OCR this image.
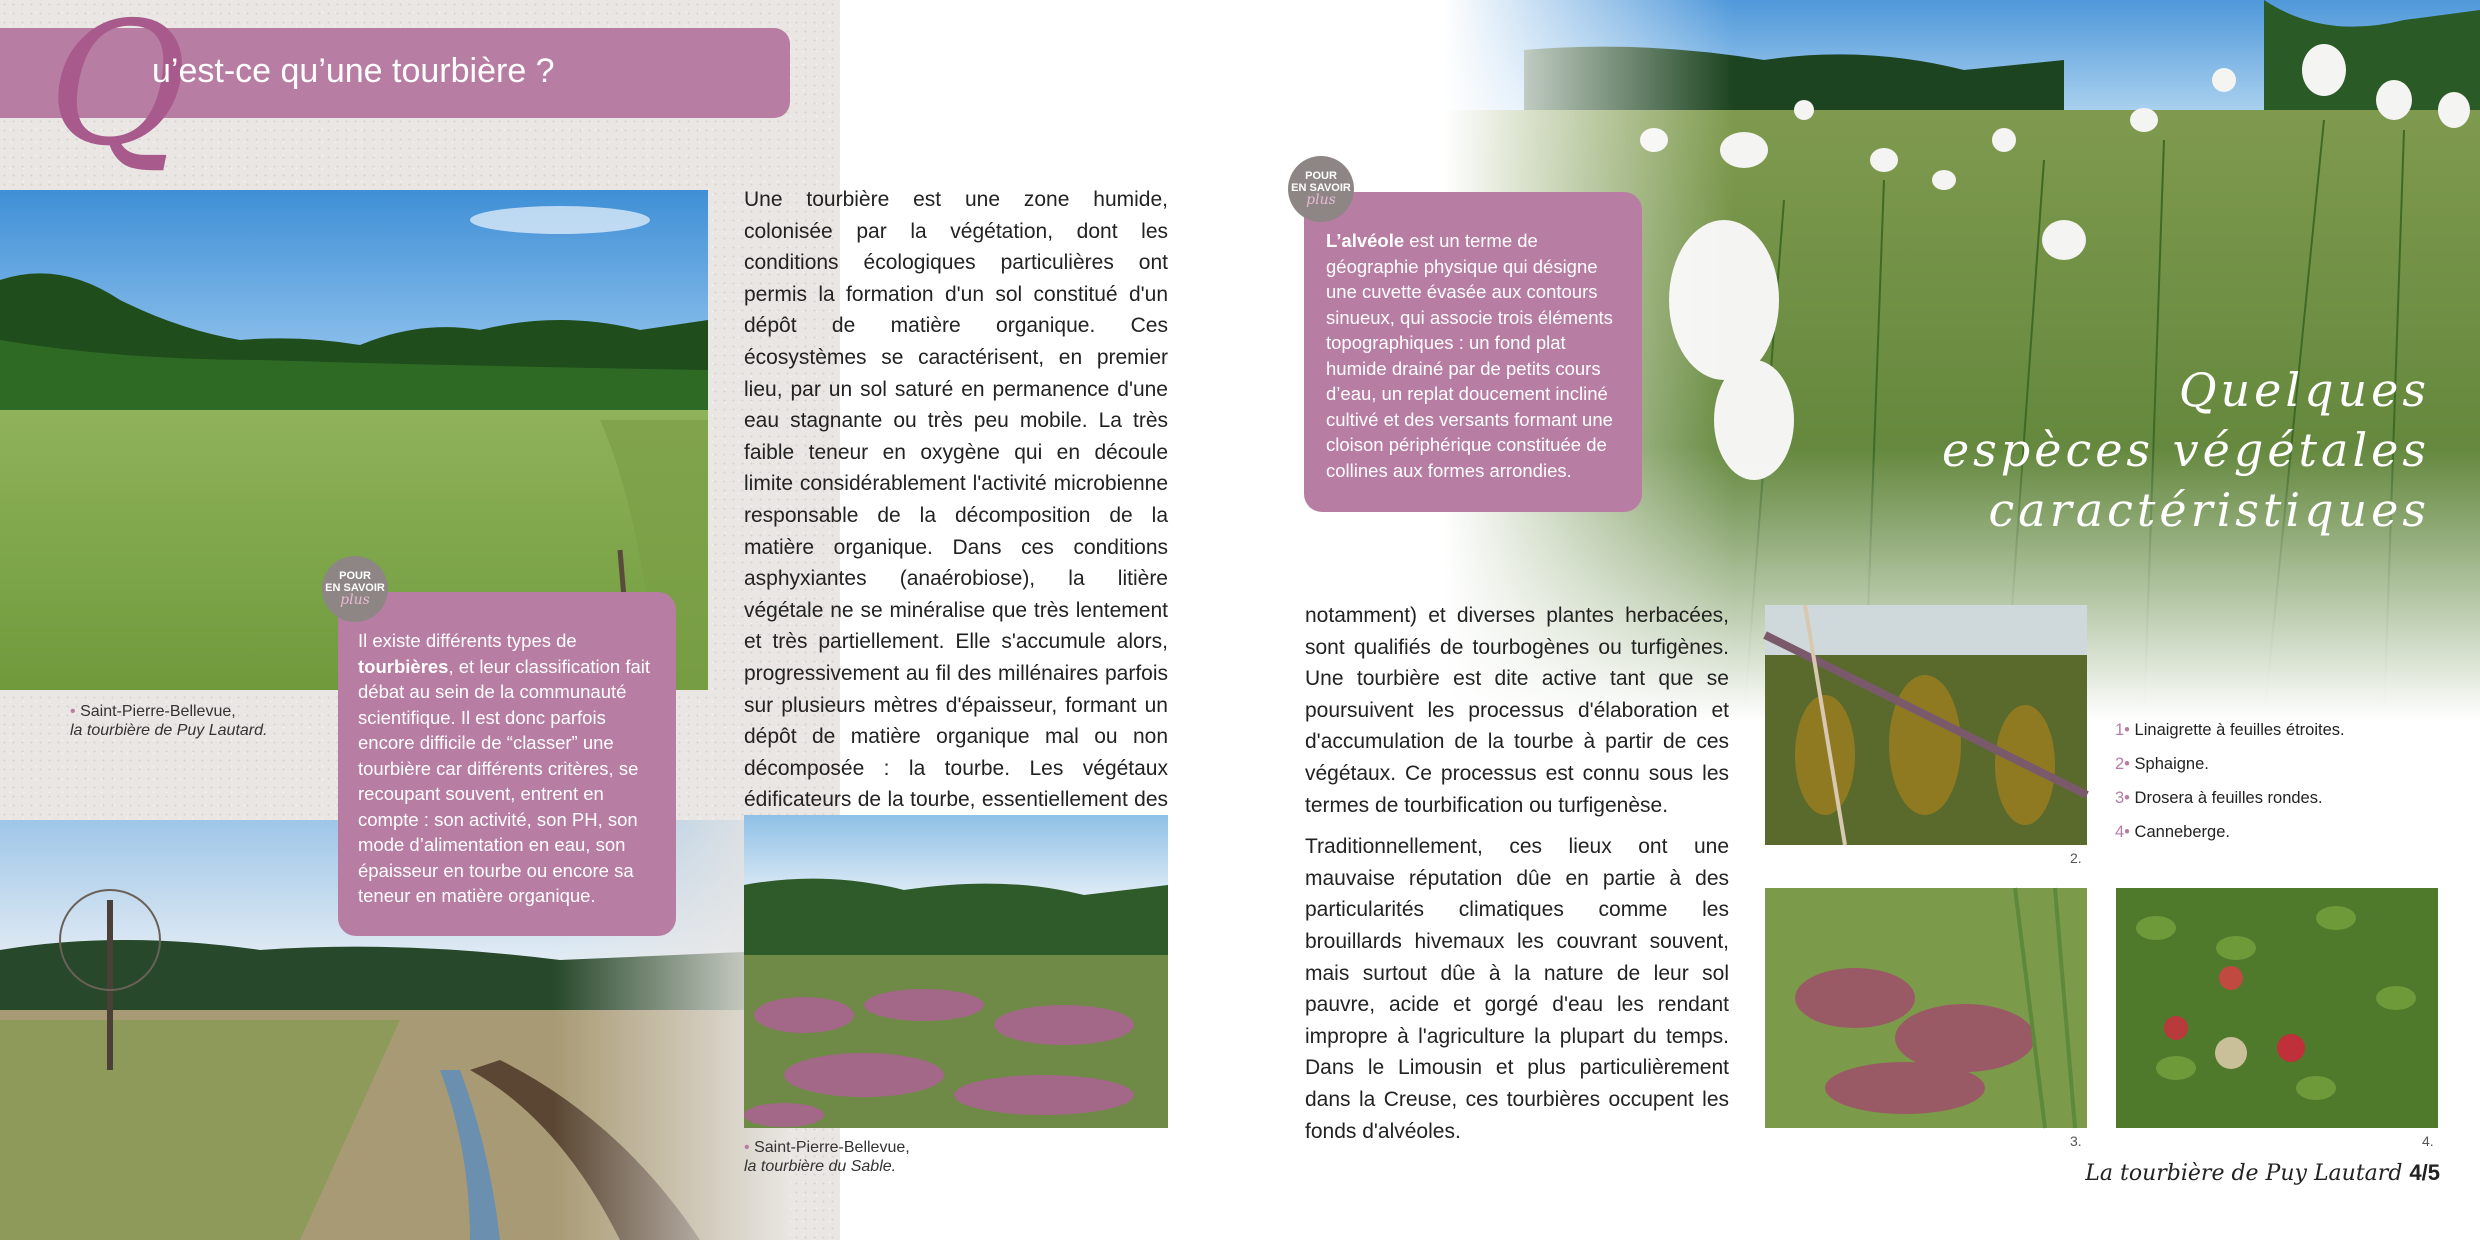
Q
u’est-ce qu’une tourbière ?
Il existe différents types de tourbières, et leur classification fait débat au sein de la communauté scientifique. Il est donc parfois encore difficile de “classer” une tourbière car différents critères, se recoupant souvent, entrent en compte : son activité, son PH, son mode d’alimentation en eau, son épaisseur en tourbe ou encore sa teneur en matière organique.
POUR
EN SAVOIR
plus
• Saint-Pierre-Bellevue,
la tourbière de Puy Lautard.

Une tourbière est une zone humide, colonisée par la végétation, dont les conditions écologiques particulières ont permis la formation d'un sol constitué d'un dépôt de matière organique. Ces écosystèmes se caractérisent, en premier lieu, par un sol saturé en permanence d'une eau stagnante ou très peu mobile. La très faible teneur en oxygène qui en découle limite considérablement l'activité microbienne responsable de la décomposition de la matière organique. Dans ces conditions asphyxiantes (anaérobiose), la litière végétale ne se minéralise que très lentement et très partiellement. Elle s'accumule alors, progressivement au fil des millénaires parfois sur plusieurs mètres d'épaisseur, formant un dépôt de matière organique mal ou non décomposée : la tourbe. Les végétaux édificateurs de la tourbe, essentiellement des

• Saint-Pierre-Bellevue,
la tourbière du Sable.
L’alvéole est un terme de géographie physique qui désigne une cuvette évasée aux contours sinueux, qui associe trois éléments topographiques : un fond plat humide drainé par de petits cours d’eau, un replat doucement incliné cultivé et des versants formant une cloison périphérique constituée de collines aux formes arrondies.
POUR
EN SAVOIR
plus
Quelques
espèces végétales
caractéristiques

notamment) et diverses plantes herbacées, sont qualifiés de tourbogènes ou turfigènes. Une tourbière est dite active tant que se poursuivent les processus d'élaboration et d'accumulation de la tourbe à partir de ces végétaux. Ce processus est connu sous les termes de tourbification ou turfigenèse.

Traditionnellement, ces lieux ont une mauvaise réputation dûe en partie à des particularités climatiques comme les brouillards hivemaux les couvrant souvent, mais surtout dûe à la nature de leur sol pauvre, acide et gorgé d'eau les rendant impropre à l'agriculture la plupart du temps. Dans le Limousin et plus particulièrement dans la Creuse, ces tourbières occupent les fonds d'alvéoles.

2.
1• Linaigrette à feuilles étroites.
2• Sphaigne.
3• Drosera à feuilles rondes.
4• Canneberge.
3.	4.
La tourbière de Puy Lautard 4/5
